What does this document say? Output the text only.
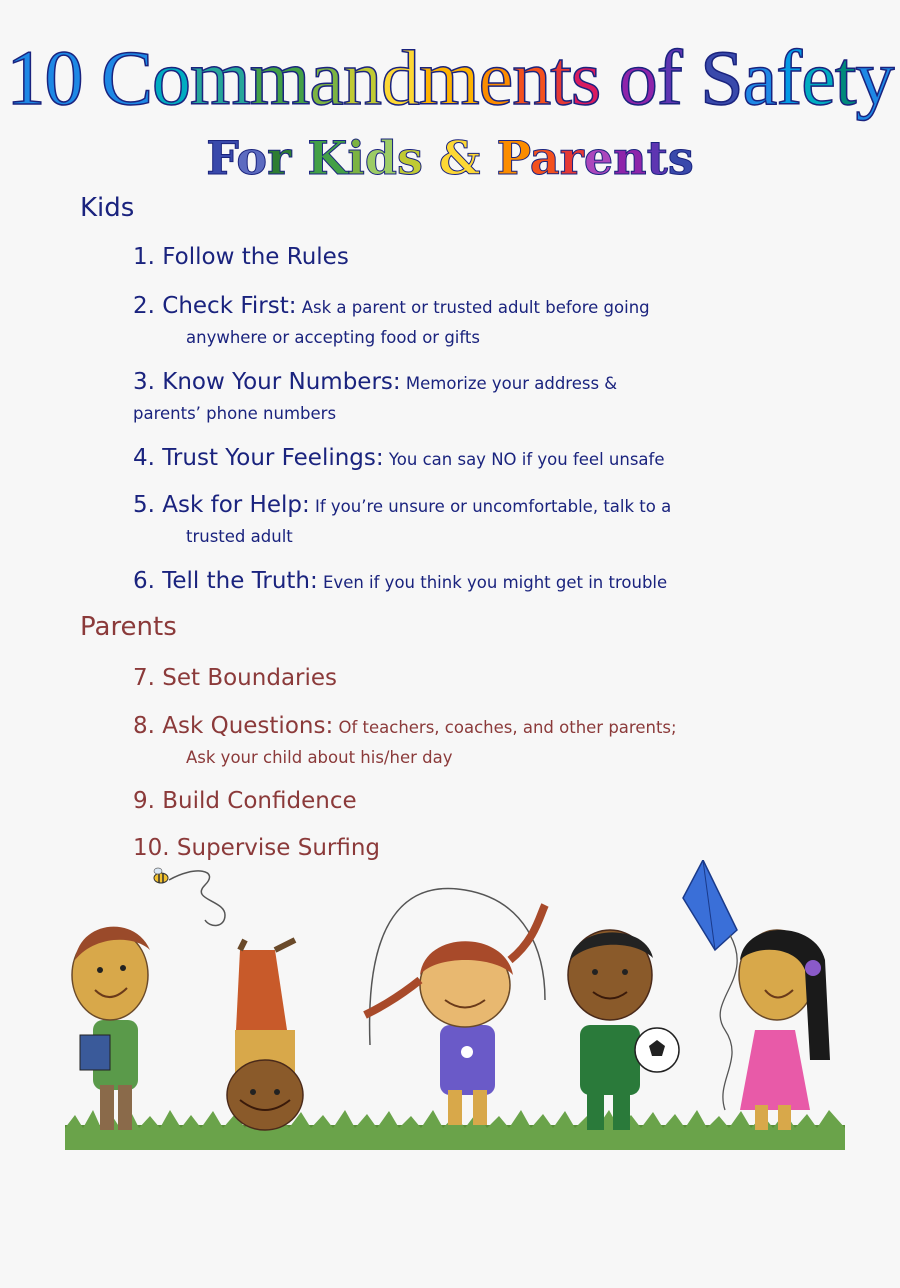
10 Commandments of Safety
For Kids & Parents
Kids
1. Follow the Rules
2. Check First: Ask a parent or trusted adult before going
anywhere or accepting food or gifts
3. Know Your Numbers: Memorize your address &
parents’ phone numbers
4. Trust Your Feelings: You can say NO if you feel unsafe
5. Ask for Help: If you’re unsure or uncomfortable, talk to a
trusted adult
6. Tell the Truth: Even if you think you might get in trouble
Parents
7. Set Boundaries
8. Ask Questions: Of teachers, coaches, and other parents;
Ask your child about his/her day
9. Build Confidence
10. Supervise Surfing
